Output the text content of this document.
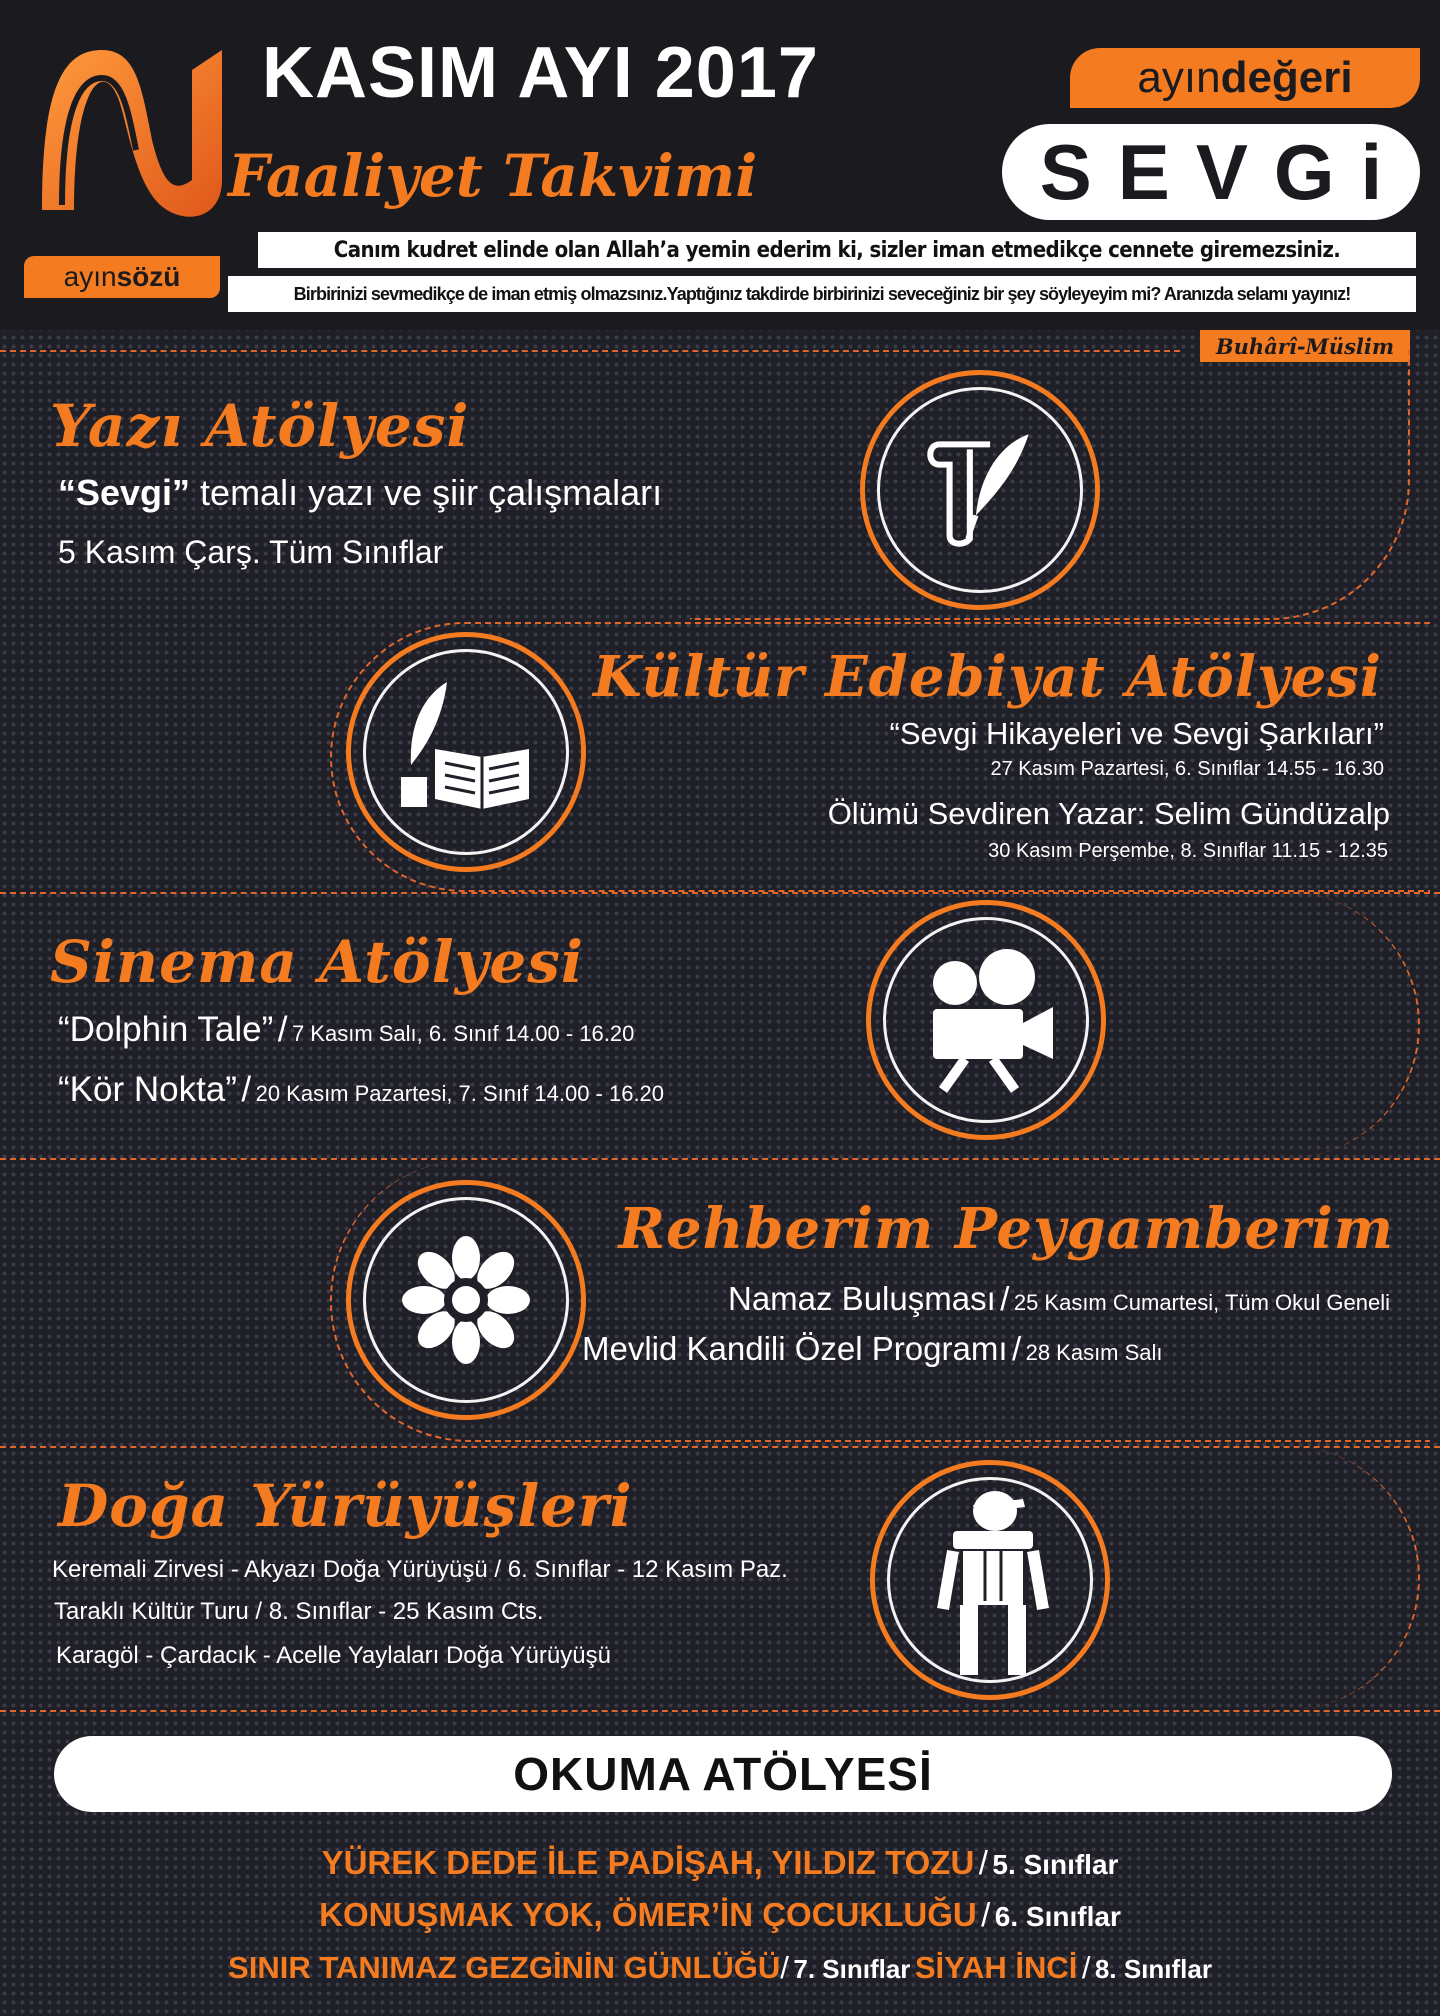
KASIM AYI 2017
Faaliyet Takvimi
ayın değeri
SEVGi
ayın sözü
Canım kudret elinde olan Allah’a yemin ederim ki, sizler iman etmedikçe cennete giremezsiniz.
Birbirinizi sevmedikçe de iman etmiş olmazsınız.Yaptığınız takdirde birbirinizi seveceğiniz bir şey söyleyeyim mi? Aranızda selamı yayınız!
Buhârî-Müslim
Yazı Atölyesi
“Sevgi” temalı yazı ve şiir çalışmaları
5 Kasım Çarş. Tüm Sınıflar
Kültür Edebiyat Atölyesi
“Sevgi Hikayeleri ve Sevgi Şarkıları”
27 Kasım Pazartesi, 6. Sınıflar 14.55 - 16.30
Ölümü Sevdiren Yazar: Selim Gündüzalp
30 Kasım Perşembe, 8. Sınıflar 11.15 - 12.35
Sinema Atölyesi
“Dolphin Tale” / 7 Kasım Salı, 6. Sınıf 14.00 - 16.20
“Kör Nokta” / 20 Kasım Pazartesi, 7. Sınıf 14.00 - 16.20
Rehberim Peygamberim
Namaz Buluşması / 25 Kasım Cumartesi, Tüm Okul Geneli
Mevlid Kandili Özel Programı / 28 Kasım Salı
Doğa Yürüyüşleri
Keremali Zirvesi - Akyazı Doğa Yürüyüşü / 6. Sınıflar - 12 Kasım Paz.
Taraklı Kültür Turu / 8. Sınıflar - 25 Kasım Cts.
Karagöl - Çardacık - Acelle Yaylaları Doğa Yürüyüşü
OKUMA ATÖLYESİ
YÜREK DEDE İLE PADİŞAH, YILDIZ TOZU / 5. Sınıflar
KONUŞMAK YOK, ÖMER’İN ÇOCUKLUĞU / 6. Sınıflar
SINIR TANIMAZ GEZGİNİN GÜNLÜĞÜ/ 7. Sınıflar SİYAH İNCİ / 8. Sınıflar
